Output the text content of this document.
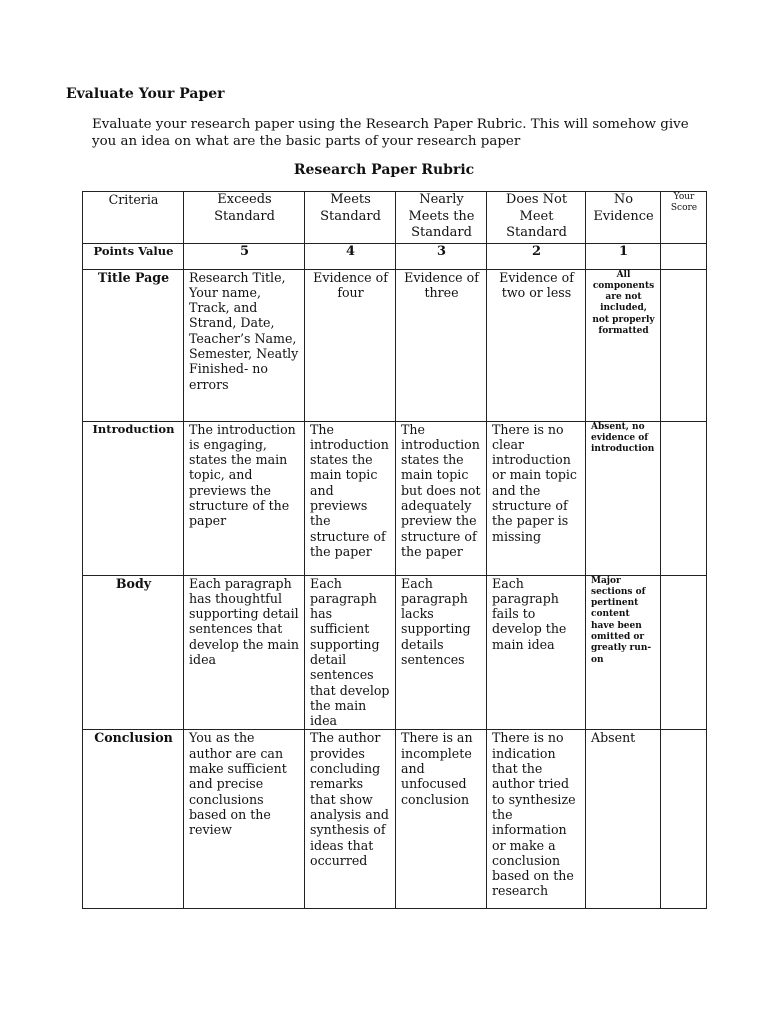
Evaluate Your Paper

Evaluate your research paper using the Research Paper Rubric. This will somehow give you an idea on what are the basic parts of your research paper

Research Paper Rubric
Criteria	Exceeds Standard	Meets Standard	Nearly Meets the Standard	Does Not Meet Standard	No Evidence	Your Score
Points Value	5	4	3	2	1	
Title Page	Research Title, Your name, Track, and Strand, Date, Teacher’s Name, Semester, Neatly Finished- no errors	Evidence of four	Evidence of three	Evidence of two or less	All components are not included, not properly formatted	
Introduction	The introduction is engaging, states the main topic, and previews the structure of the paper	The introduction states the main topic and previews the structure of the paper	The introduction states the main topic but does not adequately preview the structure of the paper	There is no clear introduction or main topic and the structure of the paper is missing	Absent, no evidence of introduction	
Body	Each paragraph has thoughtful supporting detail sentences that develop the main idea	Each paragraph has sufficient supporting detail sentences that develop the main idea	Each paragraph lacks supporting details sentences	Each paragraph fails to develop the main idea	Major sections of pertinent content have been omitted or greatly run-on	
Conclusion	You as the author are can make sufficient and precise conclusions based on the review	The author provides concluding remarks that show analysis and synthesis of ideas that occurred	There is an incomplete and unfocused conclusion	There is no indication that the author tried to synthesize the information or make a conclusion based on the research	Absent	
